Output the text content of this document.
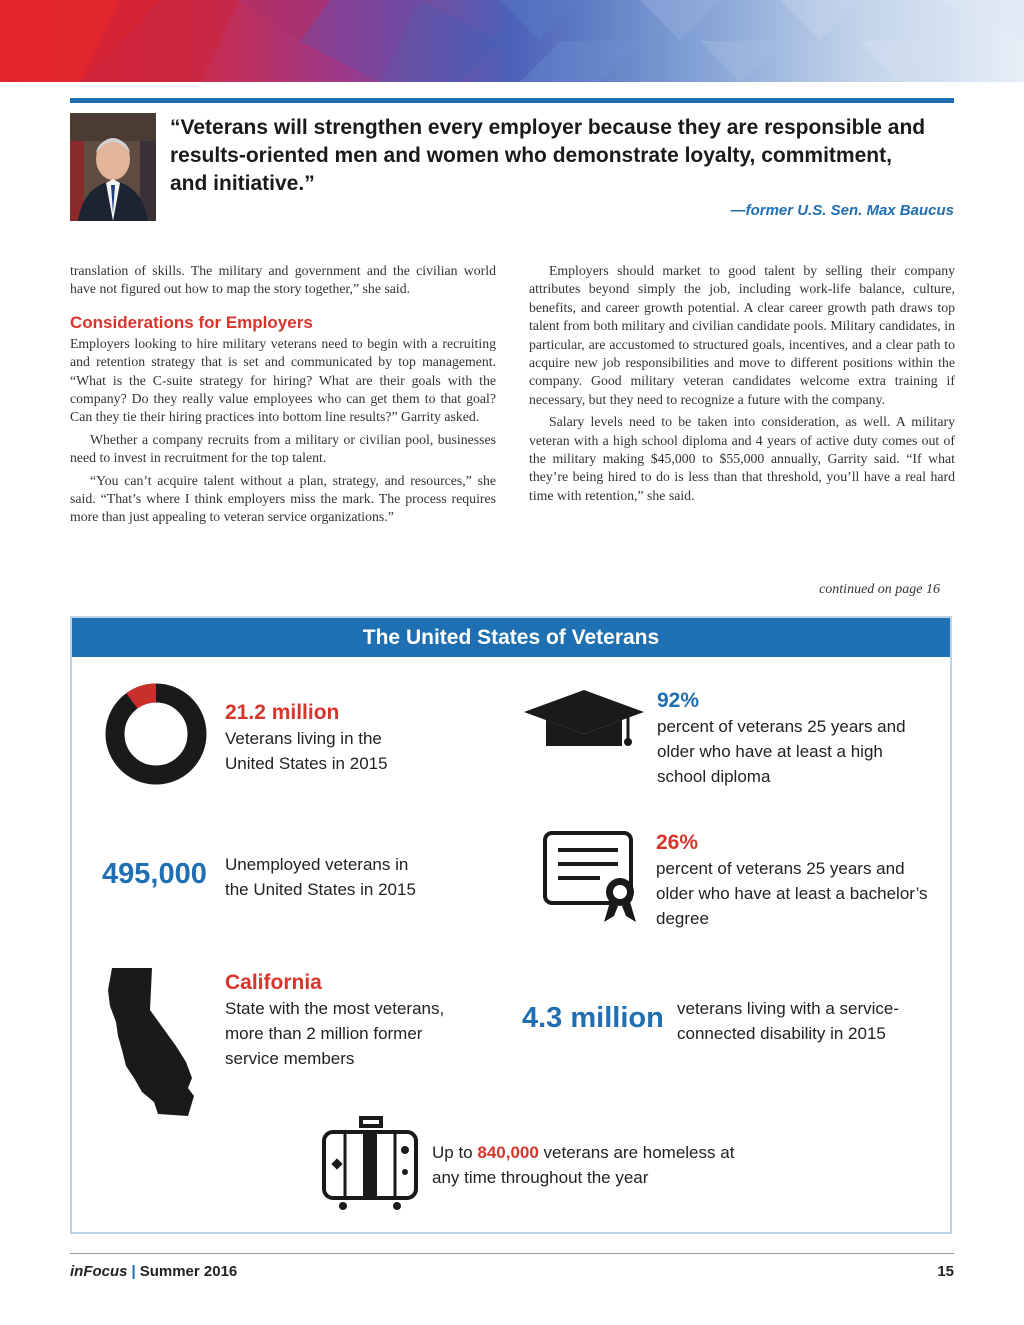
“Veterans will strengthen every employer because they are responsible and results-oriented men and women who demonstrate loyalty, commitment, and initiative.”

—former U.S. Sen. Max Baucus

translation of skills. The military and government and the civilian world have not figured out how to map the story together,” she said.

Considerations for Employers

Employers looking to hire military veterans need to begin with a recruiting and retention strategy that is set and communicated by top management. “What is the C-suite strategy for hiring? What are their goals with the company? Do they really value employees who can get them to that goal? Can they tie their hiring practices into bottom line results?” Garrity asked.

Whether a company recruits from a military or civilian pool, businesses need to invest in recruitment for the top talent.

“You can’t acquire talent without a plan, strategy, and resources,” she said. “That’s where I think employers miss the mark. The process requires more than just appealing to veteran service organizations.”

Employers should market to good talent by selling their company attributes beyond simply the job, including work-life balance, culture, benefits, and career growth potential. A clear career growth path draws top talent from both military and civilian candidate pools. Military candidates, in particular, are accustomed to structured goals, incentives, and a clear path to acquire new job responsibilities and move to different positions within the company. Good military veteran candidates welcome extra training if necessary, but they need to recognize a future with the company.

Salary levels need to be taken into consideration, as well. A military veteran with a high school diploma and 4 years of active duty comes out of the military making $45,000 to $55,000 annually, Garrity said. “If what they’re being hired to do is less than that threshold, you’ll have a real hard time with retention,” she said.

continued on page 16

The United States of Veterans
21.2 million
Veterans living in the United States in 2015
92%
percent of veterans 25 years and older who have at least a high school diploma
495,000 Unemployed veterans in the United States in 2015
26%
percent of veterans 25 years and older who have at least a bachelor’s degree
California
State with the most veterans, more than 2 million former service members
4.3 million veterans living with a service-connected disability in 2015
Up to 840,000 veterans are homeless at any time throughout the year
inFocus | Summer 2016	15
